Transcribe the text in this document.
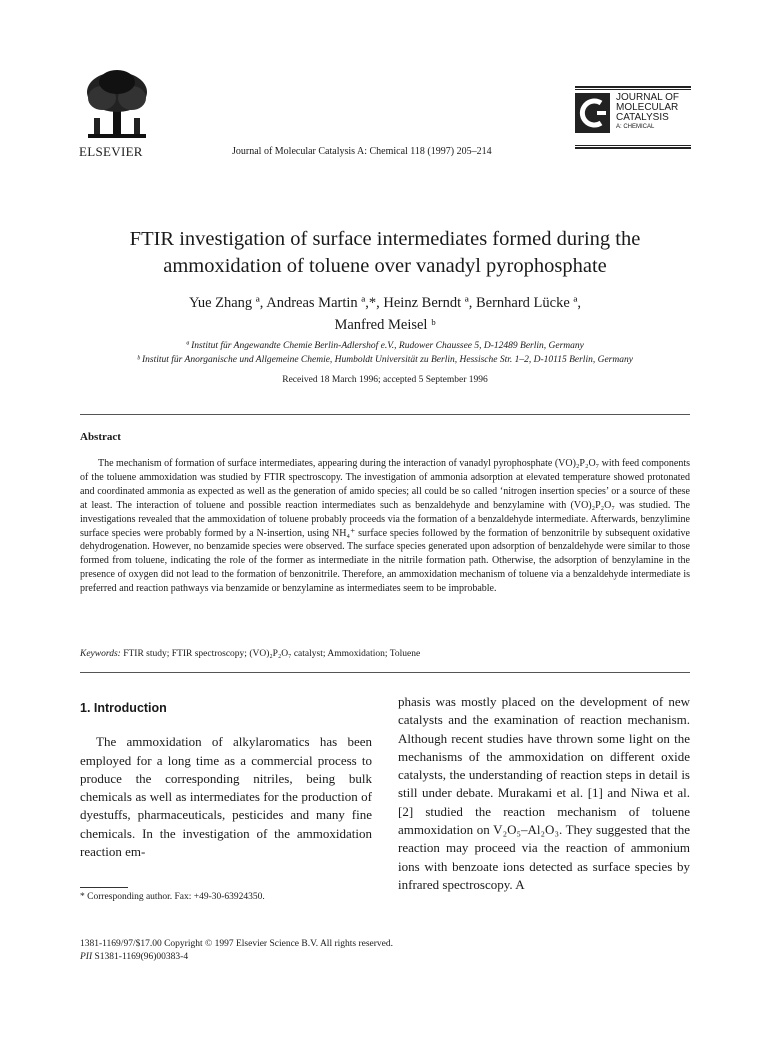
ELSEVIER	Journal of Molecular Catalysis A: Chemical 118 (1997) 205–214
JOURNAL OF
MOLECULAR
CATALYSIS
A: CHEMICAL
FTIR investigation of surface intermediates formed during the
ammoxidation of toluene over vanadyl pyrophosphate
Yue Zhang ª, Andreas Martin ª,*, Heinz Berndt ª, Bernhard Lücke ª,
Manfred Meisel ᵇ
ª Institut für Angewandte Chemie Berlin-Adlershof e.V., Rudower Chaussee 5, D-12489 Berlin, Germany
ᵇ Institut für Anorganische und Allgemeine Chemie, Humboldt Universität zu Berlin, Hessische Str. 1–2, D-10115 Berlin, Germany
Received 18 March 1996; accepted 5 September 1996
Abstract
The mechanism of formation of surface intermediates, appearing during the interaction of vanadyl pyrophosphate (VO)₂P₂O₇ with feed components of the toluene ammoxidation was studied by FTIR spectroscopy. The investigation of ammonia adsorption at elevated temperature showed protonated and coordinated ammonia as expected as well as the generation of amido species; all could be so called ‘nitrogen insertion species’ or a source of these at least. The interaction of toluene and possible reaction intermediates such as benzaldehyde and benzylamine with (VO)₂P₂O₇ was studied. The investigations revealed that the ammoxidation of toluene probably proceeds via the formation of a benzaldehyde intermediate. Afterwards, benzylimine surface species were probably formed by a N-insertion, using NH₄⁺ surface species followed by the formation of benzonitrile by subsequent oxidative dehydrogenation. However, no benzamide species were observed. The surface species generated upon adsorption of benzaldehyde were similar to those formed from toluene, indicating the role of the former as intermediate in the nitrile formation path. Otherwise, the adsorption of benzylamine in the presence of oxygen did not lead to the formation of benzonitrile. Therefore, an ammoxidation mechanism of toluene via a benzaldehyde intermediate is preferred and reaction pathways via benzamide or benzylamine as intermediates seem to be improbable.
Keywords: FTIR study; FTIR spectroscopy; (VO)₂P₂O₇ catalyst; Ammoxidation; Toluene
1. Introduction

The ammoxidation of alkylaromatics has been employed for a long time as a commercial process to produce the corresponding nitriles, being bulk chemicals as well as intermediates for the production of dyestuffs, pharmaceuticals, pesticides and many fine chemicals. In the investigation of the ammoxidation reaction em-

phasis was mostly placed on the development of new catalysts and the examination of reaction mechanism. Although recent studies have thrown some light on the mechanisms of the ammoxidation on different oxide catalysts, the understanding of reaction steps in detail is still under debate. Murakami et al. [1] and Niwa et al. [2] studied the reaction mechanism of toluene ammoxidation on V₂O₅–Al₂O₃. They suggested that the reaction may proceed via the reaction of ammonium ions with benzoate ions detected as surface species by infrared spectroscopy. A

* Corresponding author. Fax: +49-30-63924350.
1381-1169/97/$17.00 Copyright © 1997 Elsevier Science B.V. All rights reserved.
PII S1381-1169(96)00383-4
